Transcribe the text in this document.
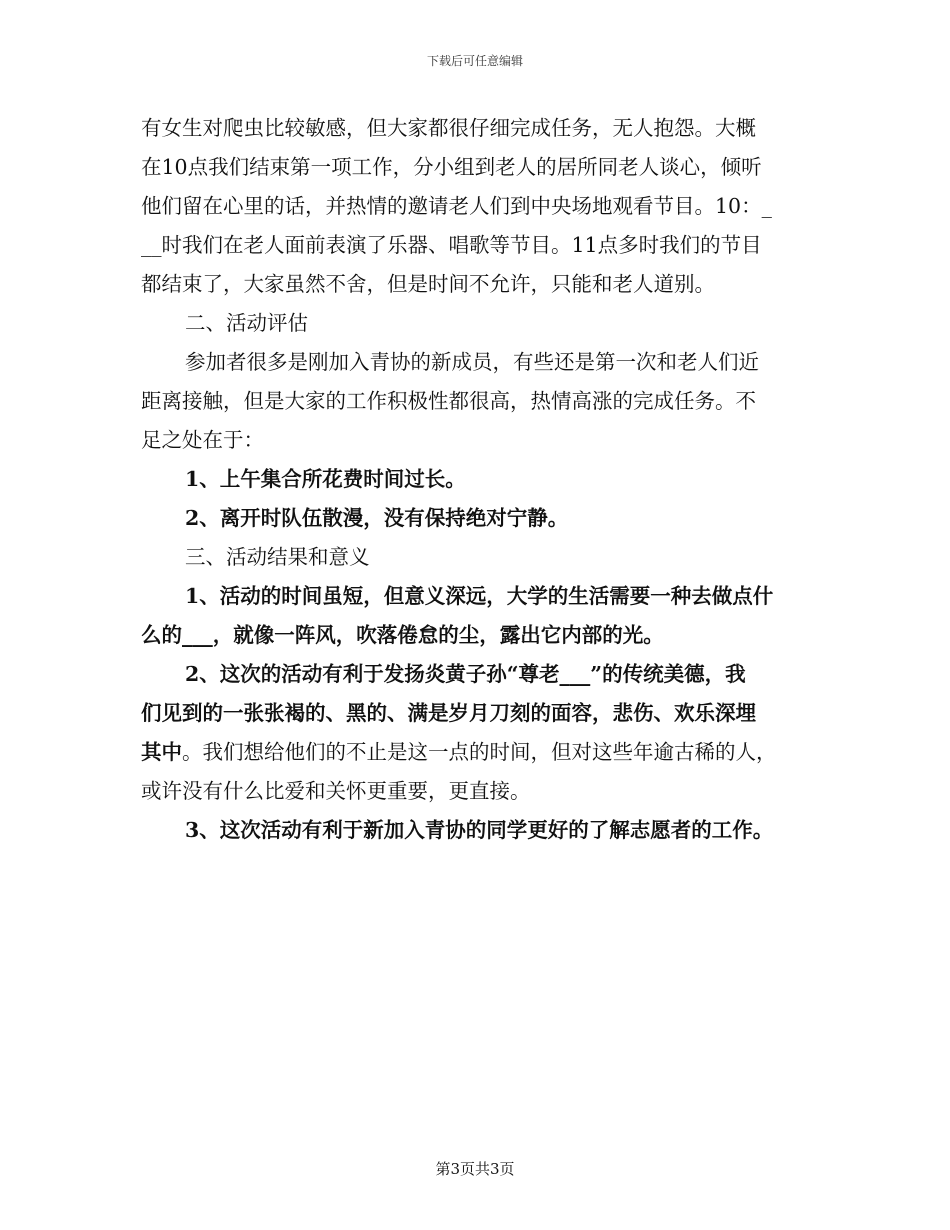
下载后可任意编辑
有女生对爬虫比较敏感，但大家都很仔细完成任务，无人抱怨。大概
在10点我们结束第一项工作，分小组到老人的居所同老人谈心，倾听
他们留在心里的话，并热情的邀请老人们到中央场地观看节目。10：_
__时我们在老人面前表演了乐器、唱歌等节目。11点多时我们的节目
都结束了，大家虽然不舍，但是时间不允许，只能和老人道别。
二、活动评估
参加者很多是刚加入青协的新成员，有些还是第一次和老人们近
距离接触，但是大家的工作积极性都很高，热情高涨的完成任务。不
足之处在于：
1、上午集合所花费时间过长。
2、离开时队伍散漫，没有保持绝对宁静。
三、活动结果和意义
1、活动的时间虽短，但意义深远，大学的生活需要一种去做点什
么的___，就像一阵风，吹落倦怠的尘，露出它内部的光。
2、这次的活动有利于发扬炎黄子孙“尊老___”的传统美德，我
们见到的一张张褐的、黑的、满是岁月刀刻的面容，悲伤、欢乐深埋
其中。我们想给他们的不止是这一点的时间，但对这些年逾古稀的人，
或许没有什么比爱和关怀更重要，更直接。
3、这次活动有利于新加入青协的同学更好的了解志愿者的工作。
第3页共3页
